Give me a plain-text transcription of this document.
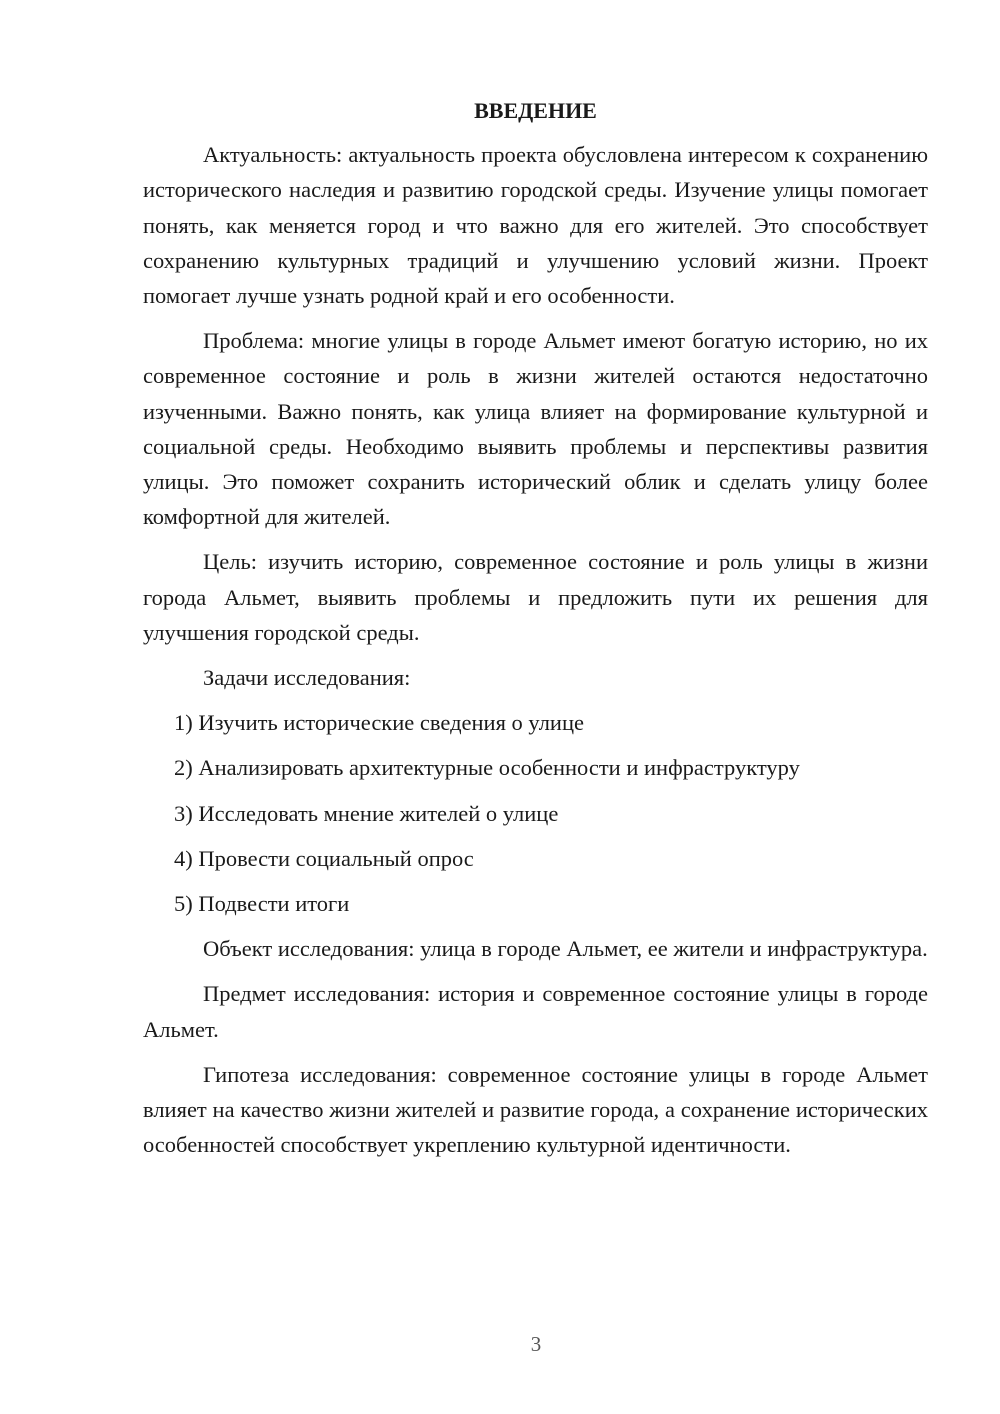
ВВЕДЕНИЕ

Актуальность: актуальность проекта обусловлена интересом к сохранению исторического наследия и развитию городской среды. Изучение улицы помогает понять, как меняется город и что важно для его жителей. Это способствует сохранению культурных традиций и улучшению условий жизни. Проект помогает лучше узнать родной край и его особенности.

Проблема: многие улицы в городе Альмет имеют богатую историю, но их современное состояние и роль в жизни жителей остаются недостаточно изученными. Важно понять, как улица влияет на формирование культурной и социальной среды. Необходимо выявить проблемы и перспективы развития улицы. Это поможет сохранить исторический облик и сделать улицу более комфортной для жителей.

Цель: изучить историю, современное состояние и роль улицы в жизни города Альмет, выявить проблемы и предложить пути их решения для улучшения городской среды.

Задачи исследования:
1) Изучить исторические сведения о улице
2) Анализировать архитектурные особенности и инфраструктуру
3) Исследовать мнение жителей о улице
4) Провести социальный опрос
5) Подвести итоги

Объект исследования: улица в городе Альмет, ее жители и инфраструктура.

Предмет исследования: история и современное состояние улицы в городе Альмет.

Гипотеза исследования: современное состояние улицы в городе Альмет влияет на качество жизни жителей и развитие города, а сохранение исторических особенностей способствует укреплению культурной идентичности.

3
